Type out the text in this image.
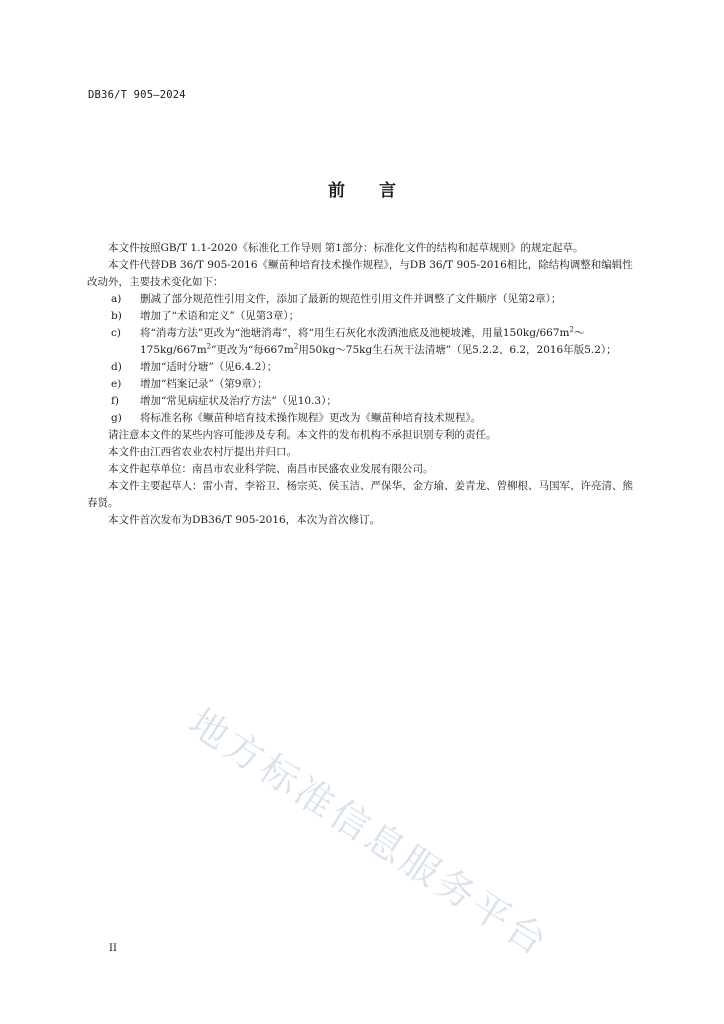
DB36/T 905—2024
前言

本文件按照GB/T 1.1-2020《标准化工作导则 第1部分：标准化文件的结构和起草规则》的规定起草。

本文件代替DB 36/T 905-2016《鳜苗种培育技术操作规程》，与DB 36/T 905-2016相比，除结构调整和编辑性改动外，主要技术变化如下：

a)	删减了部分规范性引用文件，添加了最新的规范性引用文件并调整了文件顺序（见第2章）；
b)	增加了“术语和定义”（见第3章）；
c)	将“消毒方法”更改为“池塘消毒”，将“用生石灰化水泼洒池底及池梗坡滩，用量$150kg/667m^2\sim 175kg/667m^2$”更改为“每$667m^2$用50kg～75kg生石灰干法清塘”（见5.2.2、6.2，2016年版5.2）；
d)	增加“适时分塘”（见6.4.2）；
e)	增加“档案记录”（第9章）；
f)	增加“常见病症状及治疗方法”（见10.3）；
g)	将标准名称《鳜苗种培育技术操作规程》更改为《鳜苗种培育技术规程》。

请注意本文件的某些内容可能涉及专利。本文件的发布机构不承担识别专利的责任。

本文件由江西省农业农村厅提出并归口。

本文件起草单位：南昌市农业科学院、南昌市民盛农业发展有限公司。

本文件主要起草人：雷小青、李裕卫、杨宗英、侯玉洁、严保华、金方瑜、姜青龙、曾柳根、马国军、许亮清、熊春贤。

本文件首次发布为DB36/T 905-2016，本次为首次修订。

地方标准信息服务平台
II
